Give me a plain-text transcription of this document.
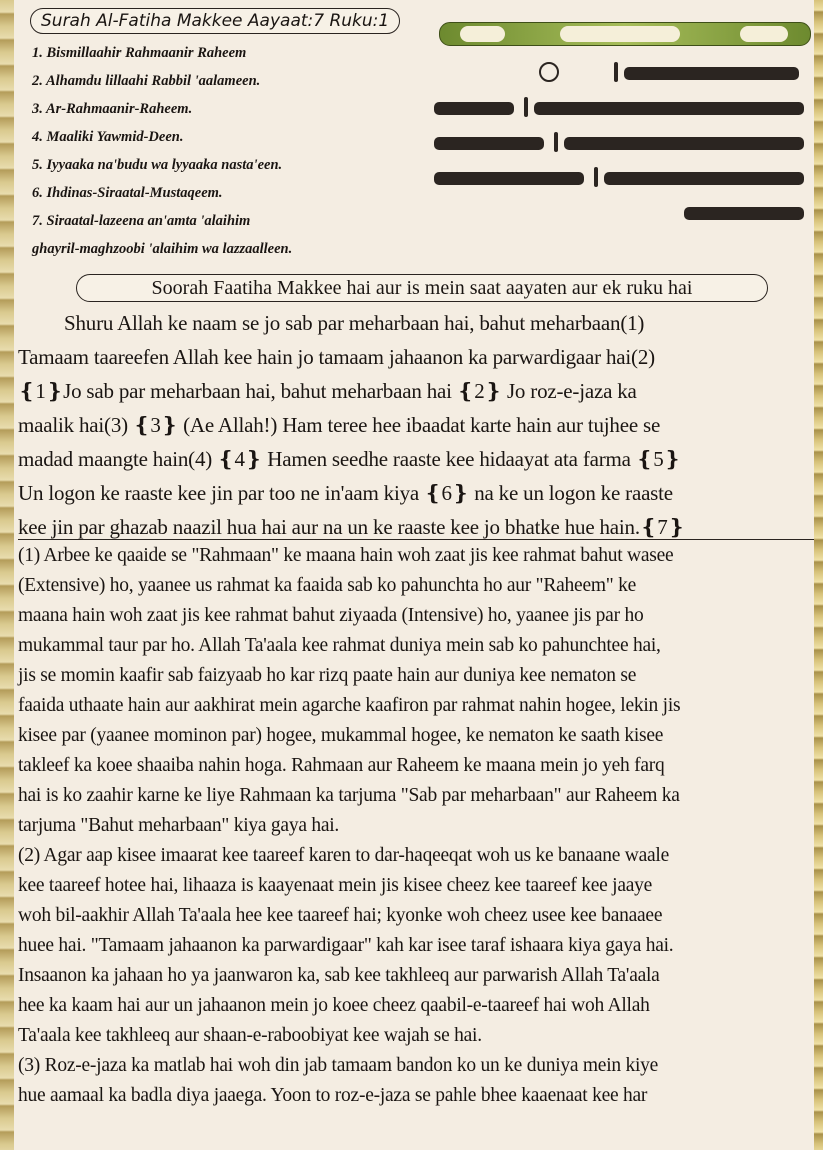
Surah Al-Fatiha Makkee Aayaat:7 Ruku:1
1. Bismillaahir Rahmaanir Raheem
2. Alhamdu lillaahi Rabbil 'aalameen.
3. Ar-Rahmaanir-Raheem.
4. Maaliki Yawmid-Deen.
5. Iyyaaka na'budu wa lyyaaka nasta'een.
6. Ihdinas-Siraatal-Mustaqeem.
7. Siraatal-lazeena an'amta 'alaihim
ghayril-maghzoobi 'alaihim wa lazzaalleen.
Soorah Faatiha Makkee hai aur is mein saat aayaten aur ek ruku hai
Shuru Allah ke naam se jo sab par meharbaan hai, bahut meharbaan(1)
Tamaam taareefen Allah kee hain jo tamaam jahaanon ka parwardigaar hai(2)
❴1❵Jo sab par meharbaan hai, bahut meharbaan hai ❴2❵ Jo roz-e-jaza ka
maalik hai(3) ❴3❵ (Ae Allah!) Ham teree hee ibaadat karte hain aur tujhee se
madad maangte hain(4) ❴4❵ Hamen seedhe raaste kee hidaayat ata farma ❴5❵
Un logon ke raaste kee jin par too ne in'aam kiya ❴6❵ na ke un logon ke raaste
kee jin par ghazab naazil hua hai aur na un ke raaste kee jo bhatke hue hain.❴7❵
(1) Arbee ke qaaide se "Rahmaan" ke maana hain woh zaat jis kee rahmat bahut wasee
(Extensive) ho, yaanee us rahmat ka faaida sab ko pahunchta ho aur "Raheem" ke
maana hain woh zaat jis kee rahmat bahut ziyaada (Intensive) ho, yaanee jis par ho
mukammal taur par ho. Allah Ta'aala kee rahmat duniya mein sab ko pahunchtee hai,
jis se momin kaafir sab faizyaab ho kar rizq paate hain aur duniya kee nematon se
faaida uthaate hain aur aakhirat mein agarche kaafiron par rahmat nahin hogee, lekin jis
kisee par (yaanee mominon par) hogee, mukammal hogee, ke nematon ke saath kisee
takleef ka koee shaaiba nahin hoga. Rahmaan aur Raheem ke maana mein jo yeh farq
hai is ko zaahir karne ke liye Rahmaan ka tarjuma "Sab par meharbaan" aur Raheem ka
tarjuma "Bahut meharbaan" kiya gaya hai.
(2) Agar aap kisee imaarat kee taareef karen to dar-haqeeqat woh us ke banaane waale
kee taareef hotee hai, lihaaza is kaayenaat mein jis kisee cheez kee taareef kee jaaye
woh bil-aakhir Allah Ta'aala hee kee taareef hai; kyonke woh cheez usee kee banaaee
huee hai. "Tamaam jahaanon ka parwardigaar" kah kar isee taraf ishaara kiya gaya hai.
Insaanon ka jahaan ho ya jaanwaron ka, sab kee takhleeq aur parwarish Allah Ta'aala
hee ka kaam hai aur un jahaanon mein jo koee cheez qaabil-e-taareef hai woh Allah
Ta'aala kee takhleeq aur shaan-e-raboobiyat kee wajah se hai.
(3) Roz-e-jaza ka matlab hai woh din jab tamaam bandon ko un ke duniya mein kiye
hue aamaal ka badla diya jaaega. Yoon to roz-e-jaza se pahle bhee kaaenaat kee har
